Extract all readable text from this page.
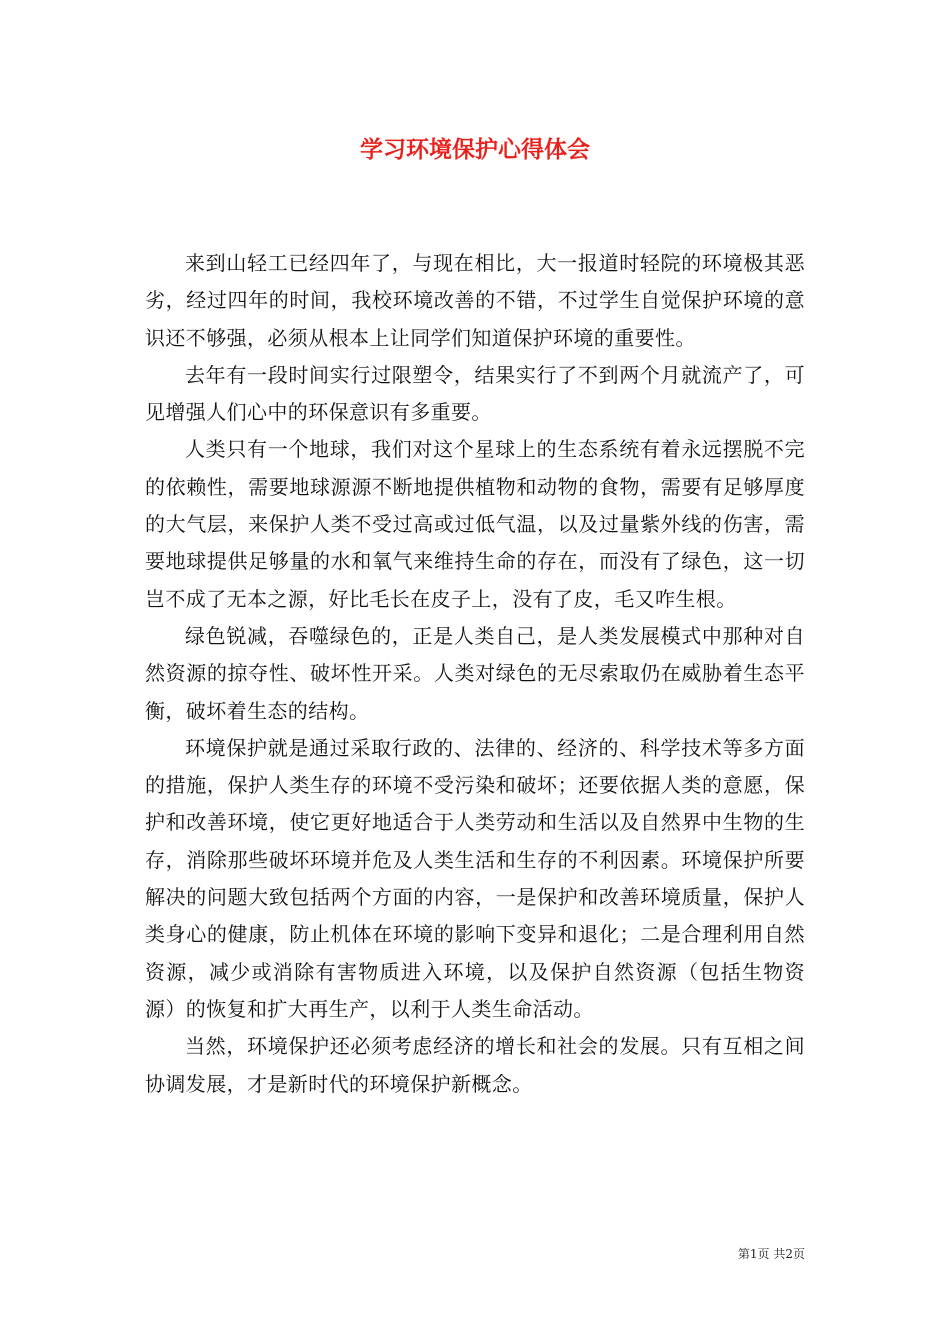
学习环境保护心得体会

来到山轻工已经四年了，与现在相比，大一报道时轻院的环境极其恶劣，经过四年的时间，我校环境改善的不错，不过学生自觉保护环境的意识还不够强，必须从根本上让同学们知道保护环境的重要性。

去年有一段时间实行过限塑令，结果实行了不到两个月就流产了，可见增强人们心中的环保意识有多重要。

人类只有一个地球，我们对这个星球上的生态系统有着永远摆脱不完的依赖性，需要地球源源不断地提供植物和动物的食物，需要有足够厚度的大气层，来保护人类不受过高或过低气温，以及过量紫外线的伤害，需要地球提供足够量的水和氧气来维持生命的存在，而没有了绿色，这一切岂不成了无本之源，好比毛长在皮子上，没有了皮，毛又咋生根。

绿色锐减，吞噬绿色的，正是人类自己，是人类发展模式中那种对自然资源的掠夺性、破坏性开采。人类对绿色的无尽索取仍在威胁着生态平衡，破坏着生态的结构。

环境保护就是通过采取行政的、法律的、经济的、科学技术等多方面的措施，保护人类生存的环境不受污染和破坏；还要依据人类的意愿，保护和改善环境，使它更好地适合于人类劳动和生活以及自然界中生物的生存，消除那些破坏环境并危及人类生活和生存的不利因素。环境保护所要解决的问题大致包括两个方面的内容，一是保护和改善环境质量，保护人类身心的健康，防止机体在环境的影响下变异和退化；二是合理利用自然资源，减少或消除有害物质进入环境，以及保护自然资源（包括生物资源）的恢复和扩大再生产，以利于人类生命活动。

当然，环境保护还必须考虑经济的增长和社会的发展。只有互相之间协调发展，才是新时代的环境保护新概念。

第1页 共2页
